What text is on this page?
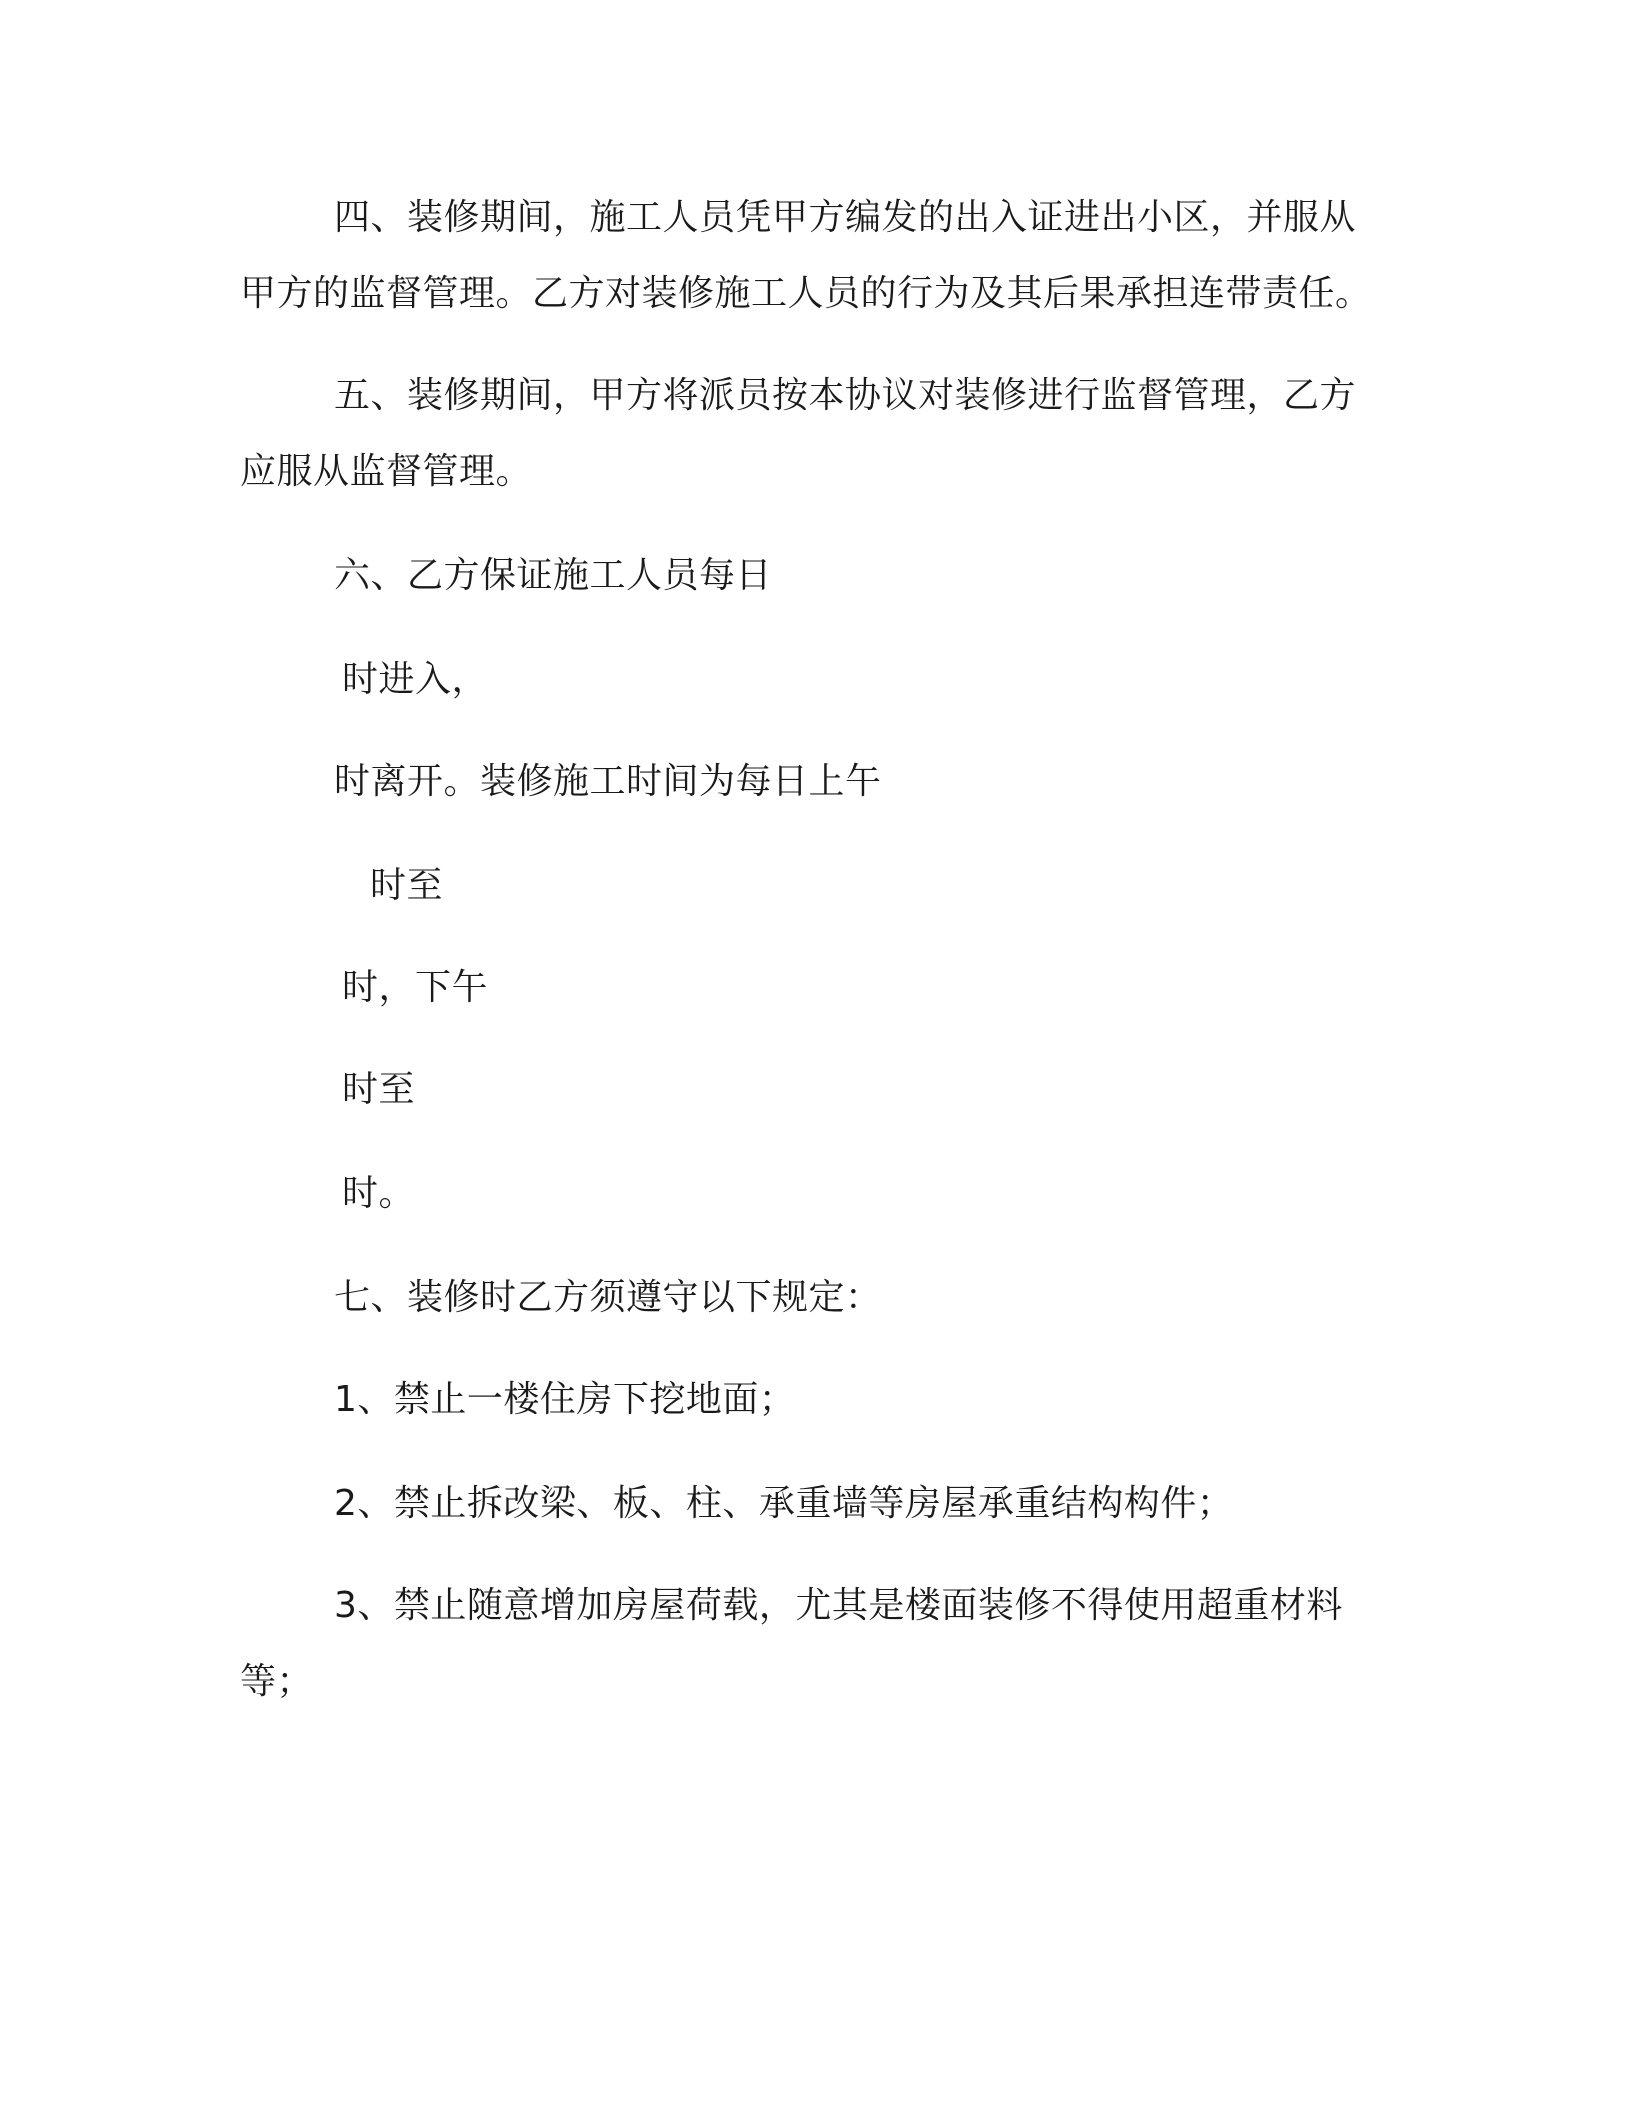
四、装修期间，施工人员凭甲方编发的出入证进出小区，并服从
甲方的监督管理。乙方对装修施工人员的行为及其后果承担连带责任。
五、装修期间，甲方将派员按本协议对装修进行监督管理，乙方
应服从监督管理。
六、乙方保证施工人员每日
时进入，
时离开。装修施工时间为每日上午
时至
时，下午
时至
时。
七、装修时乙方须遵守以下规定：
1、禁止一楼住房下挖地面；
2、禁止拆改梁、板、柱、承重墙等房屋承重结构构件；
3、禁止随意增加房屋荷载，尤其是楼面装修不得使用超重材料
等；
